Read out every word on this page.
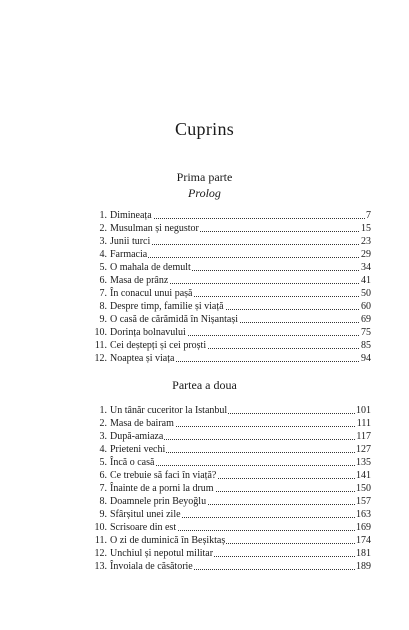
Cuprins
Prima parte
Prolog
1. Dimineața	7
2. Musulman și negustor	15
3. Junii turci	23
4. Farmacia	29
5. O mahala de demult	34
6. Masa de prânz	41
7. În conacul unui pașă	50
8. Despre timp, familie și viață	60
9. O casă de cărămidă în Nișantași	69
10. Dorința bolnavului	75
11. Cei deștepți și cei proști	85
12. Noaptea și viața	94
Partea a doua
1. Un tânăr cuceritor la Istanbul	101
2. Masa de bairam	111
3. După-amiaza	117
4. Prieteni vechi	127
5. Încă o casă	135
6. Ce trebuie să faci în viață?	141
7. Înainte de a porni la drum	150
8. Doamnele prin Beyoğlu	157
9. Sfârșitul unei zile	163
10. Scrisoare din est	169
11. O zi de duminică în Beșiktaș	174
12. Unchiul și nepotul militar	181
13. Învoiala de căsătorie	189
